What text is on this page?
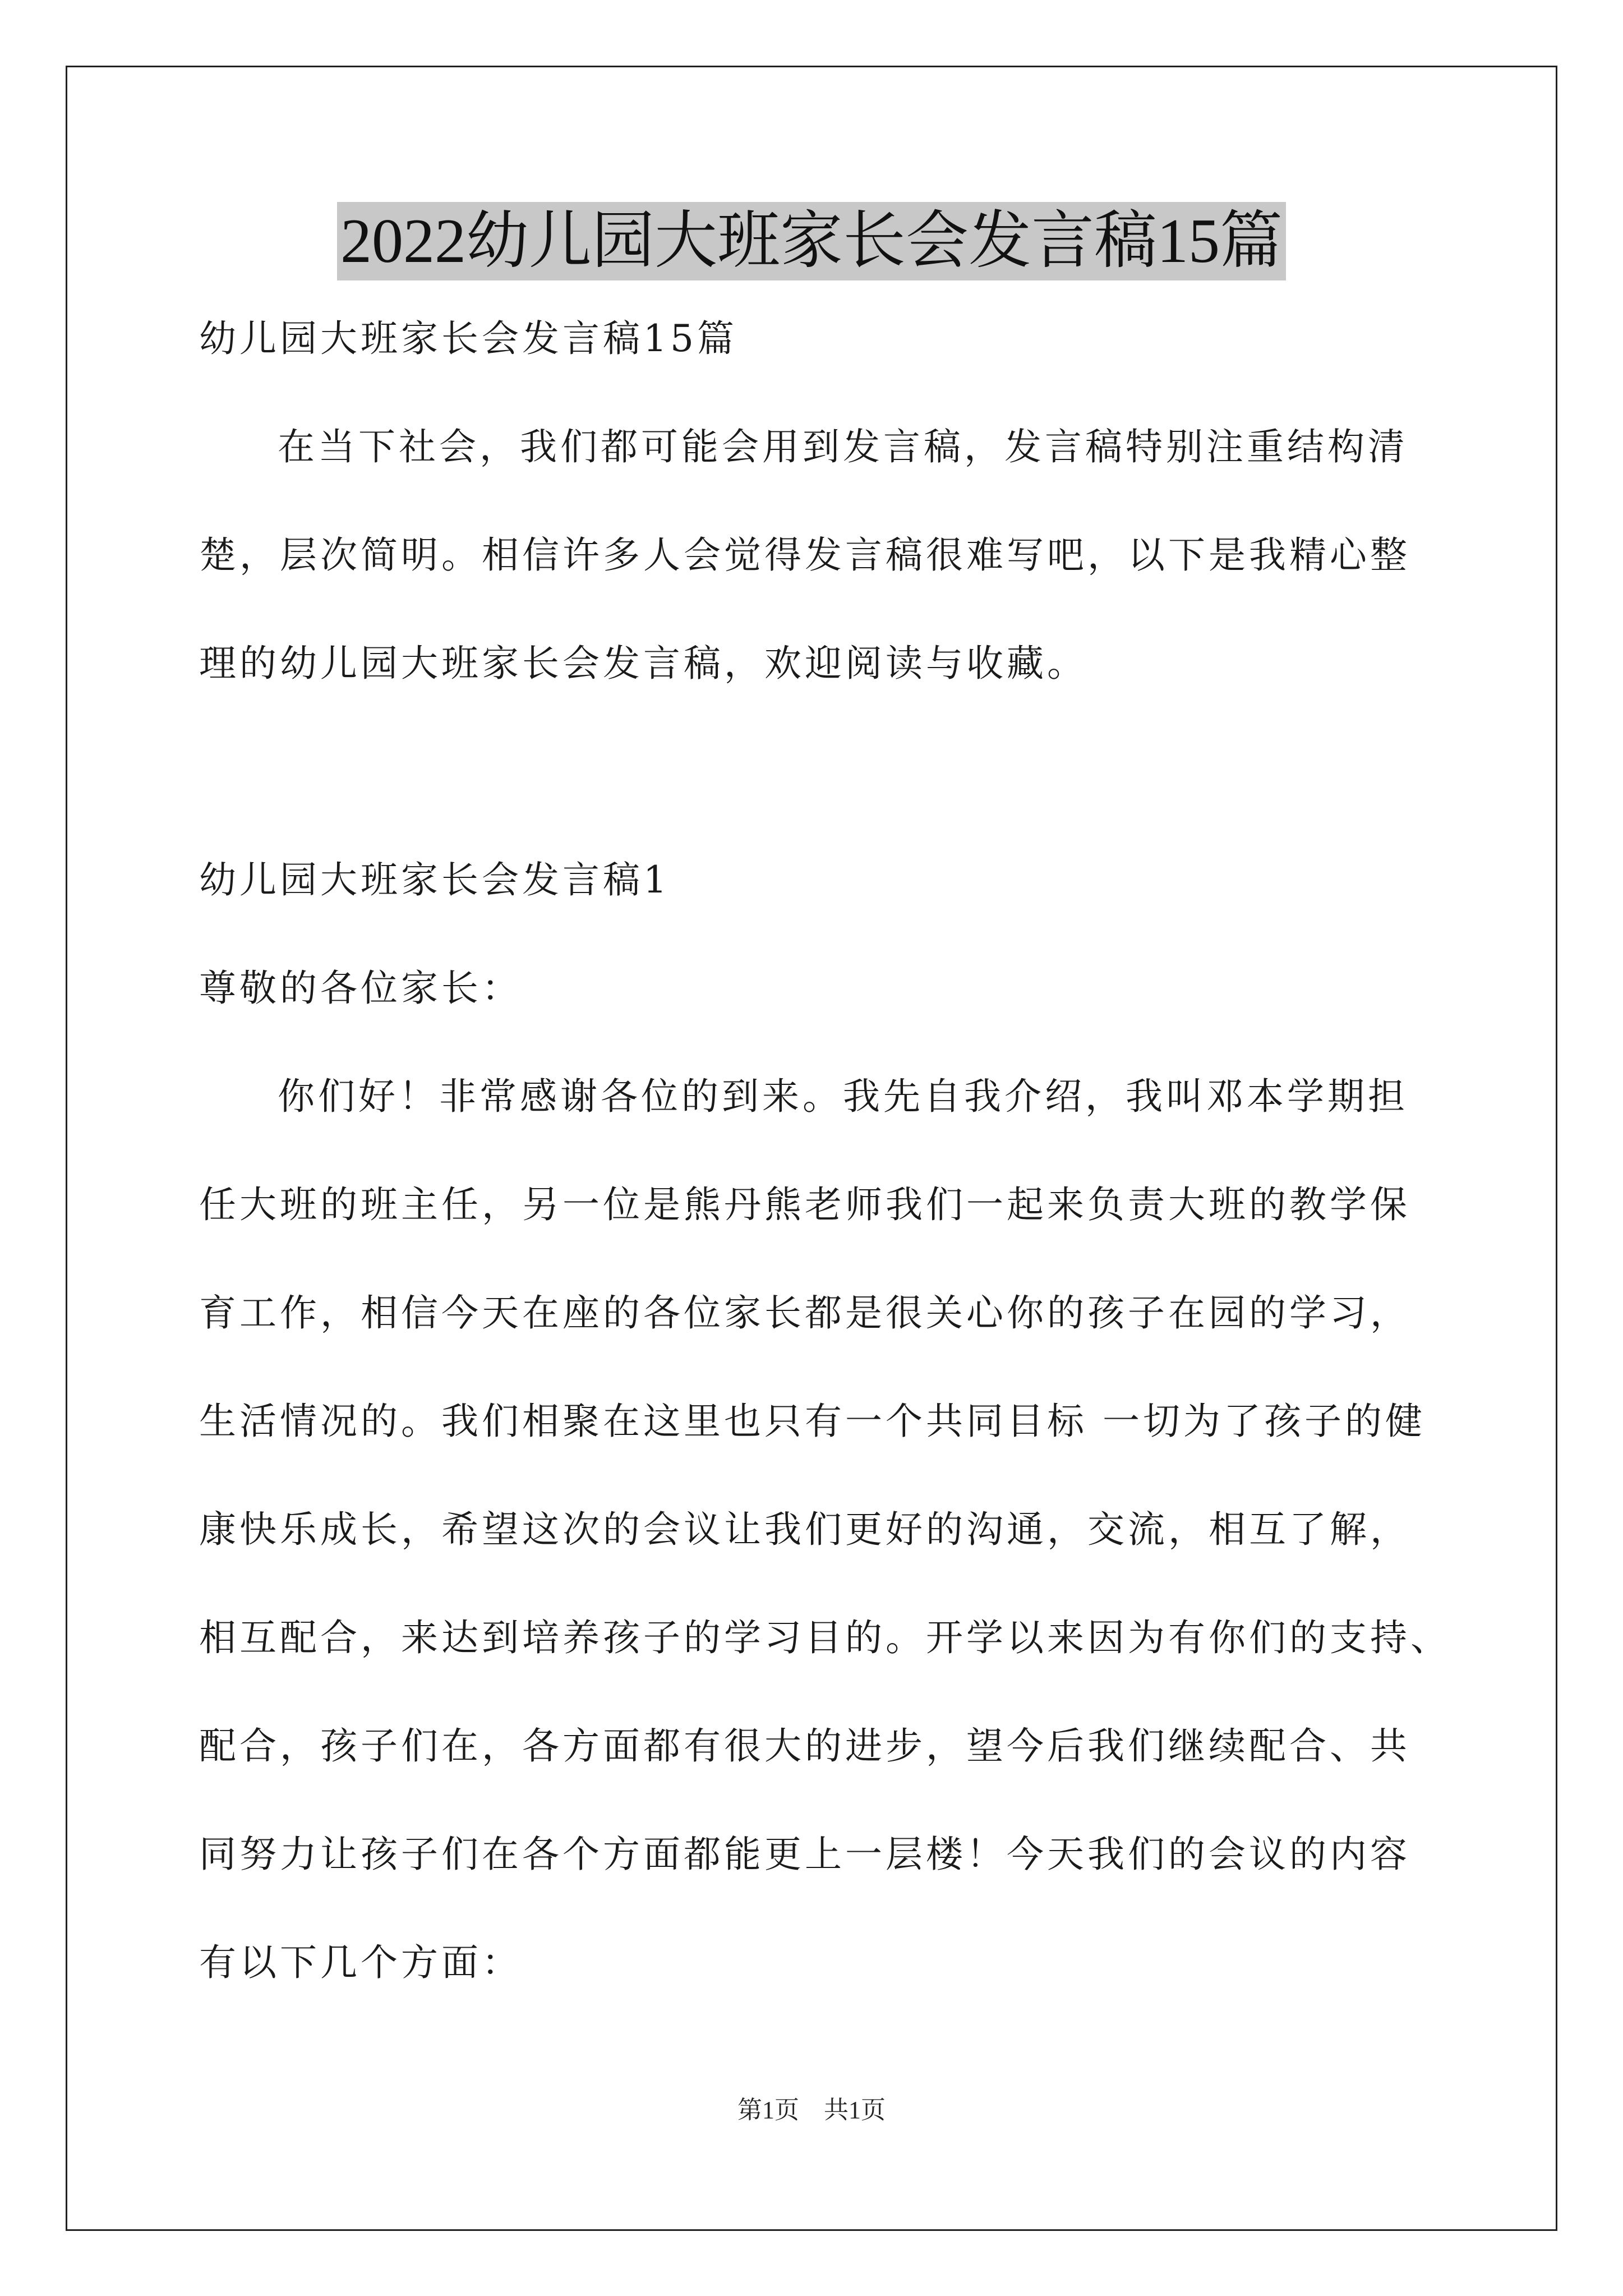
2022幼儿园大班家长会发言稿15篇
幼儿园大班家长会发言稿15篇
在当下社会，我们都可能会用到发言稿，发言稿特别注重结构清
楚，层次简明。相信许多人会觉得发言稿很难写吧，以下是我精心整
理的幼儿园大班家长会发言稿，欢迎阅读与收藏。
幼儿园大班家长会发言稿1
尊敬的各位家长：
你们好！非常感谢各位的到来。我先自我介绍，我叫邓本学期担
任大班的班主任，另一位是熊丹熊老师我们一起来负责大班的教学保
育工作，相信今天在座的各位家长都是很关心你的孩子在园的学习，
生活情况的。我们相聚在这里也只有一个共同目标 一切为了孩子的健
康快乐成长，希望这次的会议让我们更好的沟通，交流，相互了解，
相互配合，来达到培养孩子的学习目的。开学以来因为有你们的支持、
配合，孩子们在，各方面都有很大的进步，望今后我们继续配合、共
同努力让孩子们在各个方面都能更上一层楼！今天我们的会议的内容
有以下几个方面：
第1页　共1页
